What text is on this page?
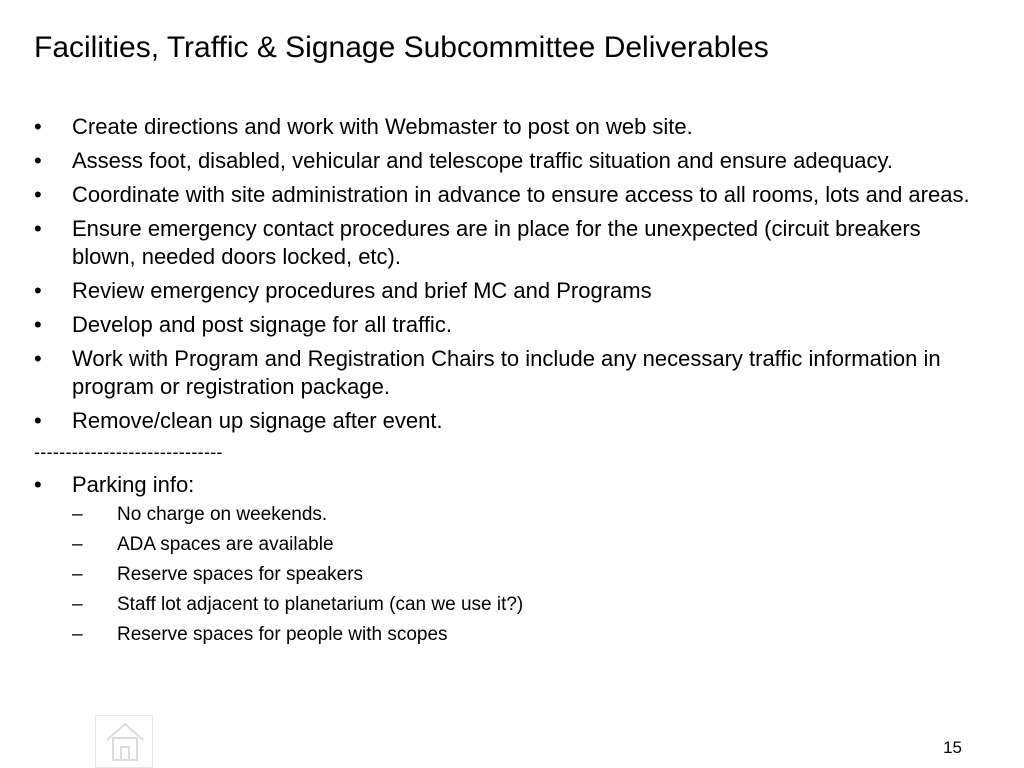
Facilities, Traffic & Signage Subcommittee Deliverables
• Create directions and work with Webmaster to post on web site.
• Assess foot, disabled, vehicular and telescope traffic situation and ensure adequacy.
• Coordinate with site administration in advance to ensure access to all rooms, lots and areas.
• Ensure emergency contact procedures are in place for the unexpected (circuit breakers blown, needed doors locked, etc).
• Review emergency procedures and brief MC and Programs
• Develop and post signage for all traffic.
• Work with Program and Registration Chairs to include any necessary traffic information in program or registration package.
• Remove/clean up signage after event.
------------------------------
• Parking info:
– No charge on weekends.
– ADA spaces are available
– Reserve spaces for speakers
– Staff lot adjacent to planetarium (can we use it?)
– Reserve spaces for people with scopes
15
